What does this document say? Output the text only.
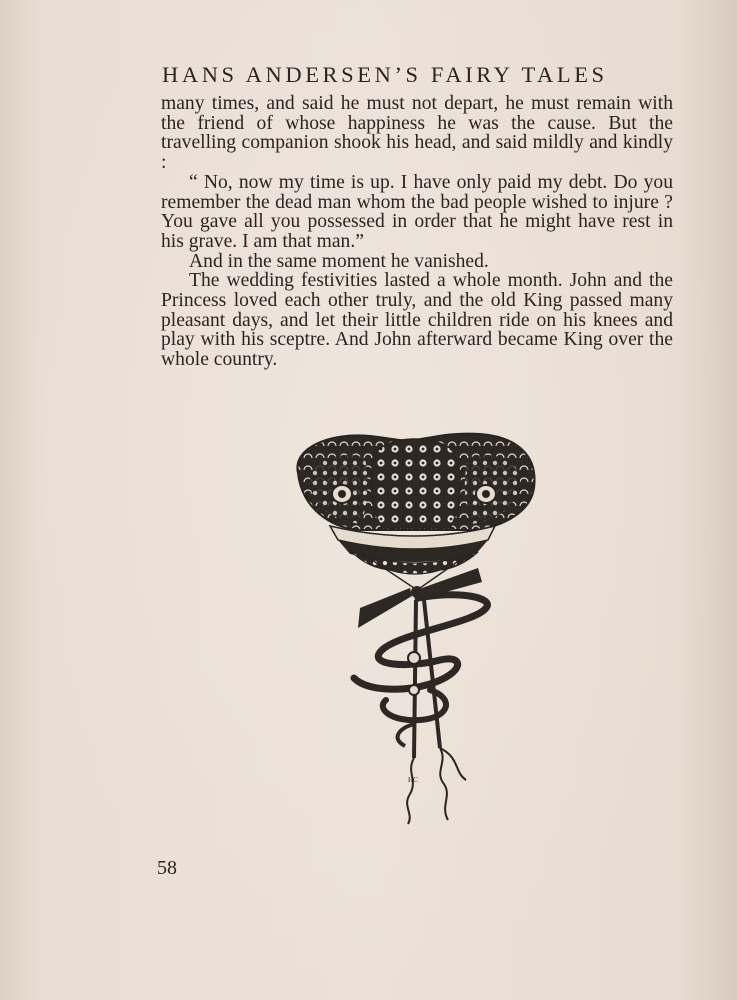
HANS ANDERSEN’S FAIRY TALES

many times, and said he must not depart, he must remain with the friend of whose happiness he was the cause. But the travelling companion shook his head, and said mildly and kindly :

“ No, now my time is up. I have only paid my debt. Do you remember the dead man whom the bad people wished to injure ? You gave all you possessed in order that he might have rest in his grave. I am that man.”

And in the same moment he vanished.

The wedding festivities lasted a whole month. John and the Princess loved each other truly, and the old King passed many pleasant days, and let their little children ride on his knees and play with his sceptre. And John afterward became King over the whole country.

HC
58
